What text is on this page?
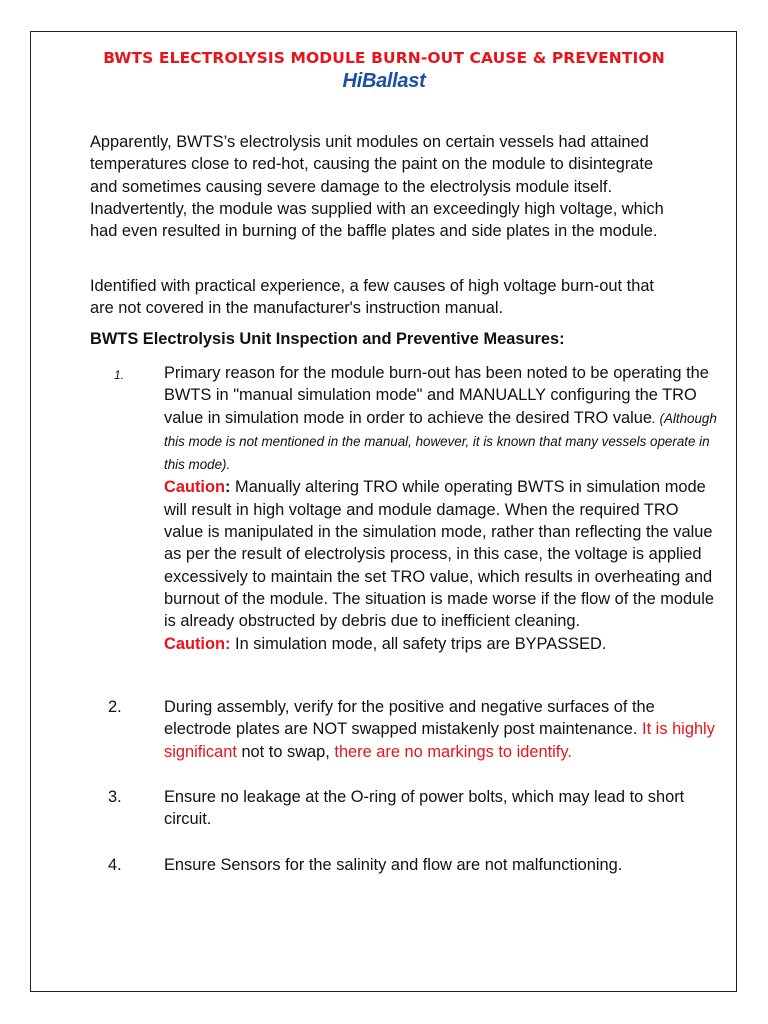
BWTS ELECTROLYSIS MODULE BURN-OUT CAUSE & PREVENTION
HiBallast
Apparently, BWTS’s electrolysis unit modules on certain vessels had attained temperatures close to red-hot, causing the paint on the module to disintegrate and sometimes causing severe damage to the electrolysis module itself. Inadvertently, the module was supplied with an exceedingly high voltage, which had even resulted in burning of the baffle plates and side plates in the module.
Identified with practical experience, a few causes of high voltage burn-out that are not covered in the manufacturer's instruction manual.
BWTS Electrolysis Unit Inspection and Preventive Measures:
1.	Primary reason for the module burn-out has been noted to be operating the BWTS in "manual simulation mode" and MANUALLY configuring the TRO value in simulation mode in order to achieve the desired TRO value. (Although this mode is not mentioned in the manual, however, it is known that many vessels operate in this mode).
Caution: Manually altering TRO while operating BWTS in simulation mode will result in high voltage and module damage. When the required TRO value is manipulated in the simulation mode, rather than reflecting the value as per the result of electrolysis process, in this case, the voltage is applied excessively to maintain the set TRO value, which results in overheating and burnout of the module. The situation is made worse if the flow of the module is already obstructed by debris due to inefficient cleaning.
Caution: In simulation mode, all safety trips are BYPASSED.
2.	During assembly, verify for the positive and negative surfaces of the electrode plates are NOT swapped mistakenly post maintenance. It is highly significant not to swap, there are no markings to identify.
3.	Ensure no leakage at the O-ring of power bolts, which may lead to short circuit.
4.	Ensure Sensors for the salinity and flow are not malfunctioning.
